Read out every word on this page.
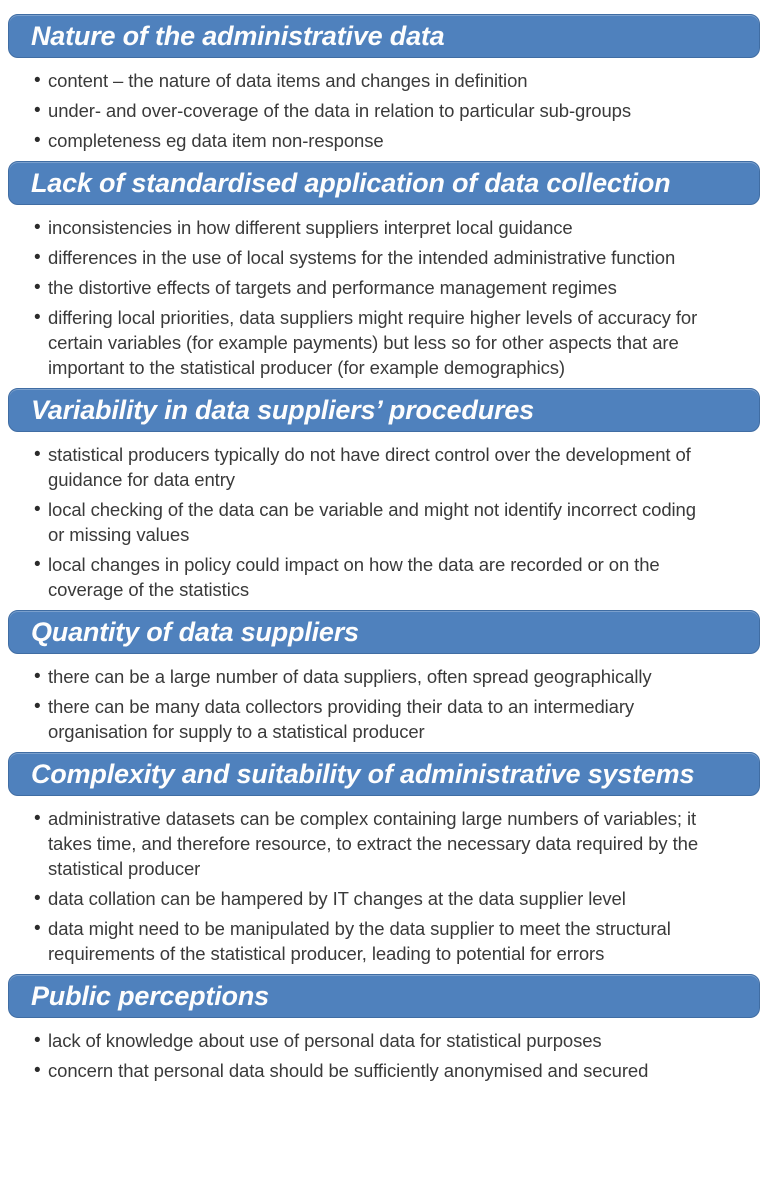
Nature of the administrative data
• content – the nature of data items and changes in definition
• under- and over-coverage of the data in relation to particular sub-groups
• completeness eg data item non-response
Lack of standardised application of data collection
• inconsistencies in how different suppliers interpret local guidance
• differences in the use of local systems for the intended administrative function
• the distortive effects of targets and performance management regimes
• differing local priorities, data suppliers might require higher levels of accuracy for certain variables (for example payments) but less so for other aspects that are important to the statistical producer (for example demographics)
Variability in data suppliers’ procedures
• statistical producers typically do not have direct control over the development of guidance for data entry
• local checking of the data can be variable and might not identify incorrect coding or missing values
• local changes in policy could impact on how the data are recorded or on the coverage of the statistics
Quantity of data suppliers
• there can be a large number of data suppliers, often spread geographically
• there can be many data collectors providing their data to an intermediary organisation for supply to a statistical producer
Complexity and suitability of administrative systems
• administrative datasets can be complex containing large numbers of variables; it takes time, and therefore resource, to extract the necessary data required by the statistical producer
• data collation can be hampered by IT changes at the data supplier level
• data might need to be manipulated by the data supplier to meet the structural requirements of the statistical producer, leading to potential for errors
Public perceptions
• lack of knowledge about use of personal data for statistical purposes
• concern that personal data should be sufficiently anonymised and secured
